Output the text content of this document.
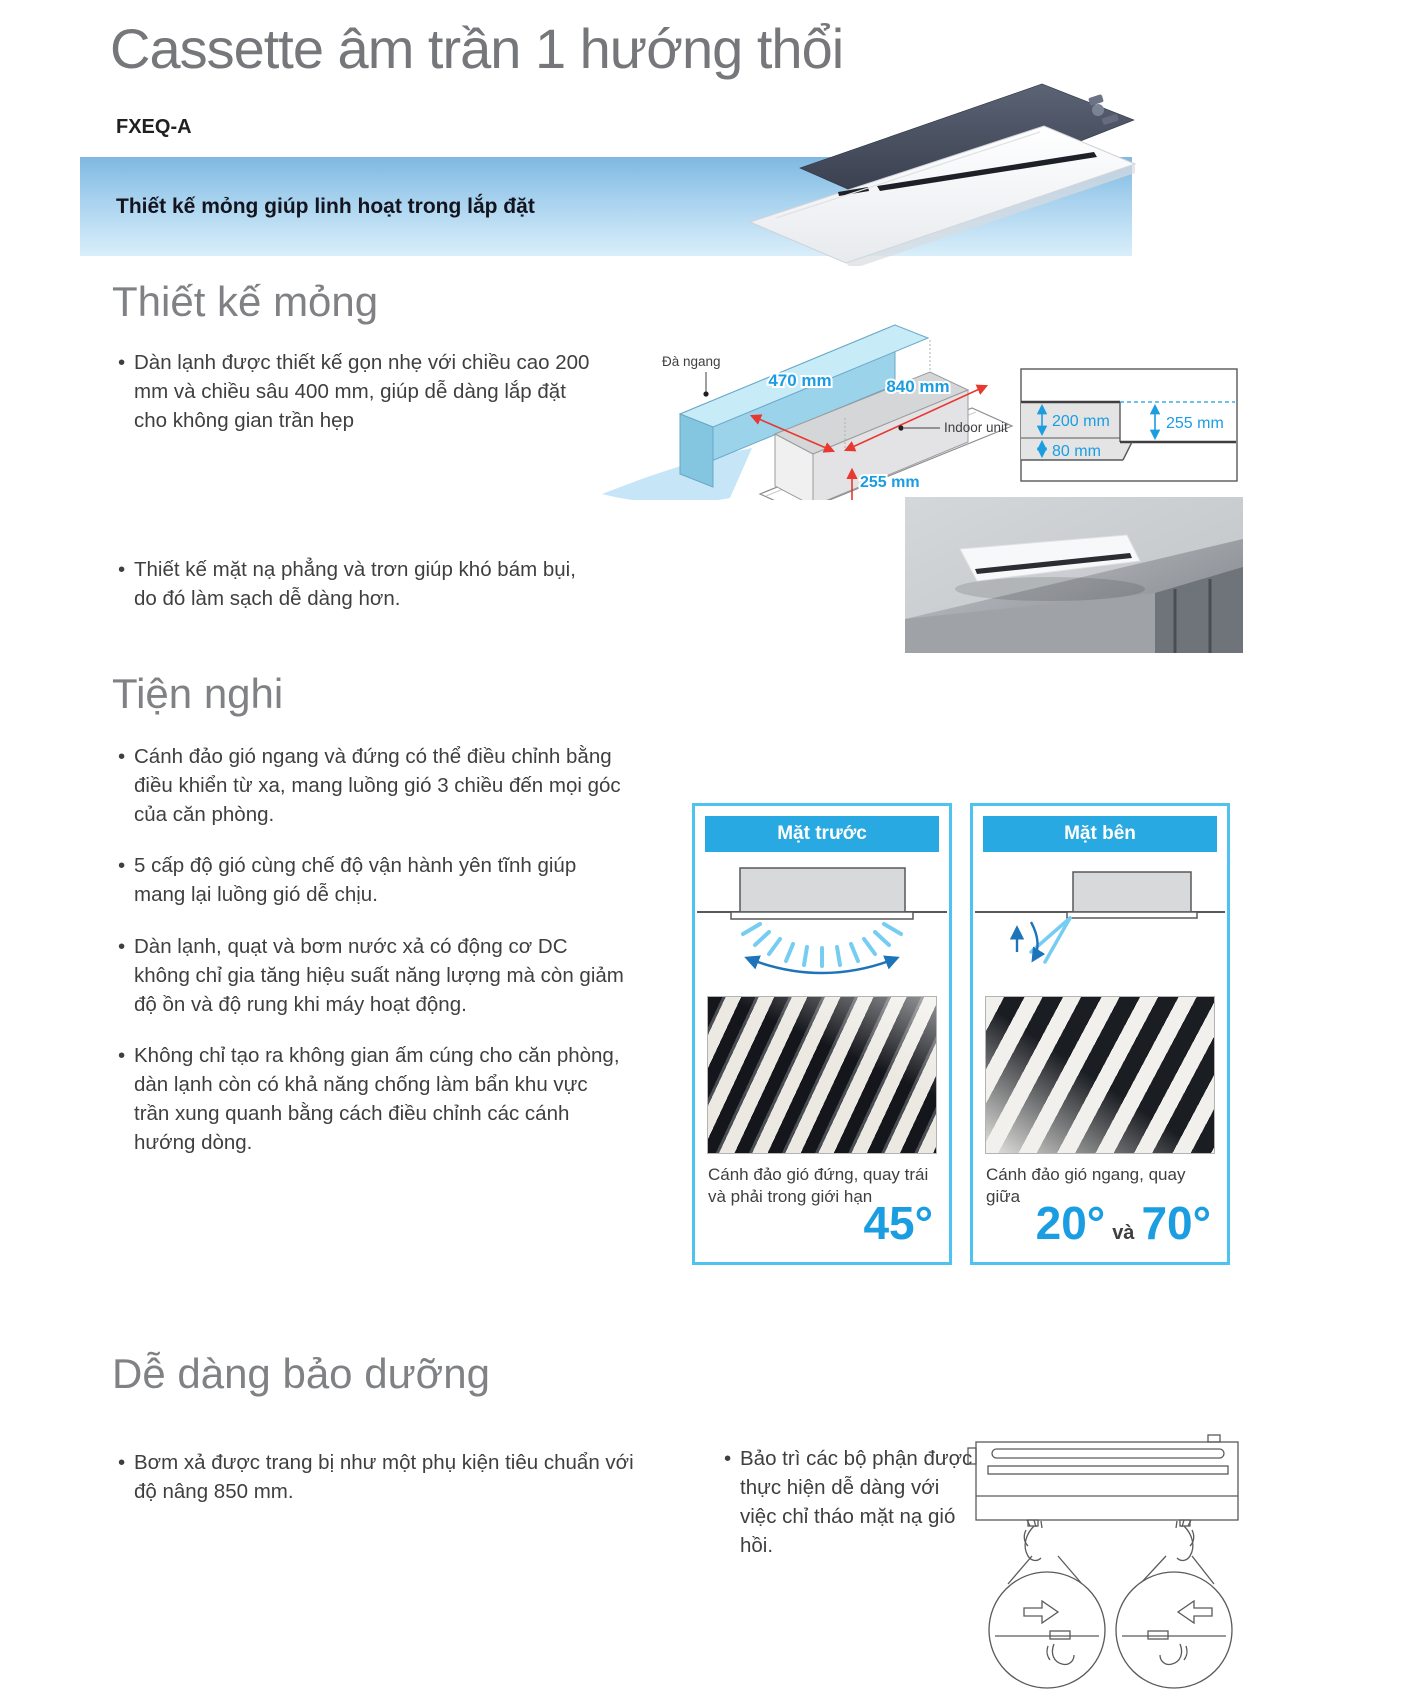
Cassette âm trần 1 hướng thổi
FXEQ-A
Thiết kế mỏng giúp linh hoạt trong lắp đặt
Thiết kế mỏng
• Dàn lạnh được thiết kế gọn nhẹ với chiều cao 200 mm và chiều sâu 400 mm, giúp dễ dàng lắp đặt cho không gian trần hẹp
• Thiết kế mặt nạ phẳng và trơn giúp khó bám bụi, do đó làm sạch dễ dàng hơn.
470 mm	840 mm
255 mm
Đà ngang
Indoor unit	200 mm
80 mm
255 mm
Tiện nghi
• Cánh đảo gió ngang và đứng có thể điều chỉnh bằng điều khiển từ xa, mang luồng gió 3 chiều đến mọi góc của căn phòng.
• 5 cấp độ gió cùng chế độ vận hành yên tĩnh giúp mang lại luồng gió dễ chịu.
• Dàn lạnh, quạt và bơm nước xả có động cơ DC không chỉ gia tăng hiệu suất năng lượng mà còn giảm độ ồn và độ rung khi máy hoạt động.
• Không chỉ tạo ra không gian ấm cúng cho căn phòng, dàn lạnh còn có khả năng chống làm bẩn khu vực trần xung quanh bằng cách điều chỉnh các cánh hướng dòng.
Mặt trước
Cánh đảo gió đứng, quay trái và phải trong giới hạn
45°
Mặt bên
Cánh đảo gió ngang, quay giữa
20° và 70°
Dễ dàng bảo dưỡng
• Bơm xả được trang bị như một phụ kiện tiêu chuẩn với độ nâng 850 mm.
• Bảo trì các bộ phận được thực hiện dễ dàng với việc chỉ tháo mặt nạ gió hồi.
